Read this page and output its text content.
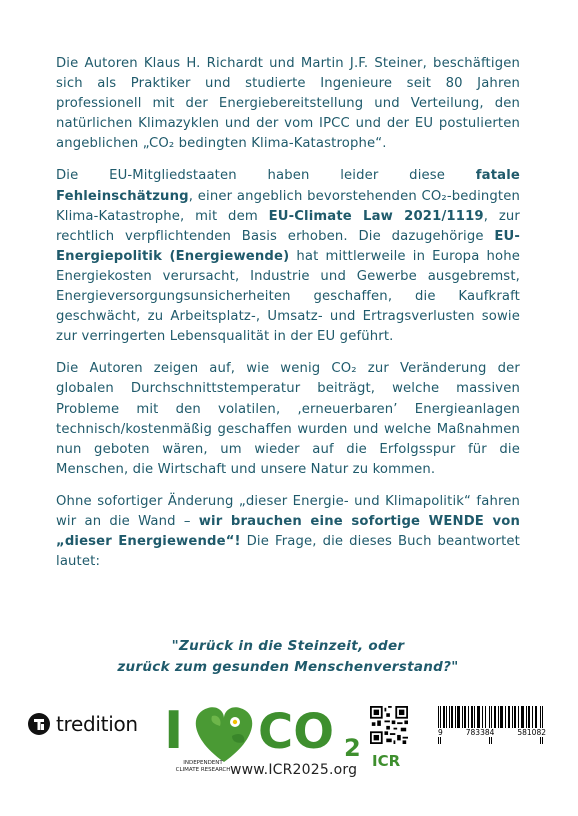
Die Autoren Klaus H. Richardt und Martin J.F. Steiner, beschäftigen sich als Praktiker und studierte Ingenieure seit 80 Jahren professionell mit der Energiebereitstellung und Verteilung, den natürlichen Klimazyklen und der vom IPCC und der EU postulierten angeblichen „CO₂ bedingten Klima-Katastrophe“.

Die EU-Mitgliedstaaten haben leider diese fatale Fehleinschätzung, einer angeblich bevorstehenden CO₂-bedingten Klima-Katastrophe, mit dem EU-Climate Law 2021/1119, zur rechtlich verpflichtenden Basis erhoben. Die dazugehörige EU-Energiepolitik (Energiewende) hat mittlerweile in Europa hohe Energiekosten verursacht, Industrie und Gewerbe ausgebremst, Energieversorgungsunsicherheiten geschaffen, die Kaufkraft geschwächt, zu Arbeitsplatz-, Umsatz- und Ertragsverlusten sowie zur verringerten Lebensqualität in der EU geführt.

Die Autoren zeigen auf, wie wenig CO₂ zur Veränderung der globalen Durchschnittstemperatur beiträgt, welche massiven Probleme mit den volatilen, ‚erneuerbaren’ Energieanlagen technisch/kostenmäßig geschaffen wurden und welche Maßnahmen nun geboten wären, um wieder auf die Erfolgsspur für die Menschen, die Wirtschaft und unsere Natur zu kommen.

Ohne sofortiger Änderung „dieser Energie- und Klimapolitik“ fahren wir an die Wand – wir brauchen eine sofortige WENDE von „dieser Energiewende“! Die Frage, die dieses Buch beantwortet lautet:

"Zurück in die Steinzeit, oder
zurück zum gesunden Menschenverstand?"
tredition I CO 2
INDEPENDENT
CLIMATE RESEARCH www.ICR2025.org ICR
9	783384	581082
